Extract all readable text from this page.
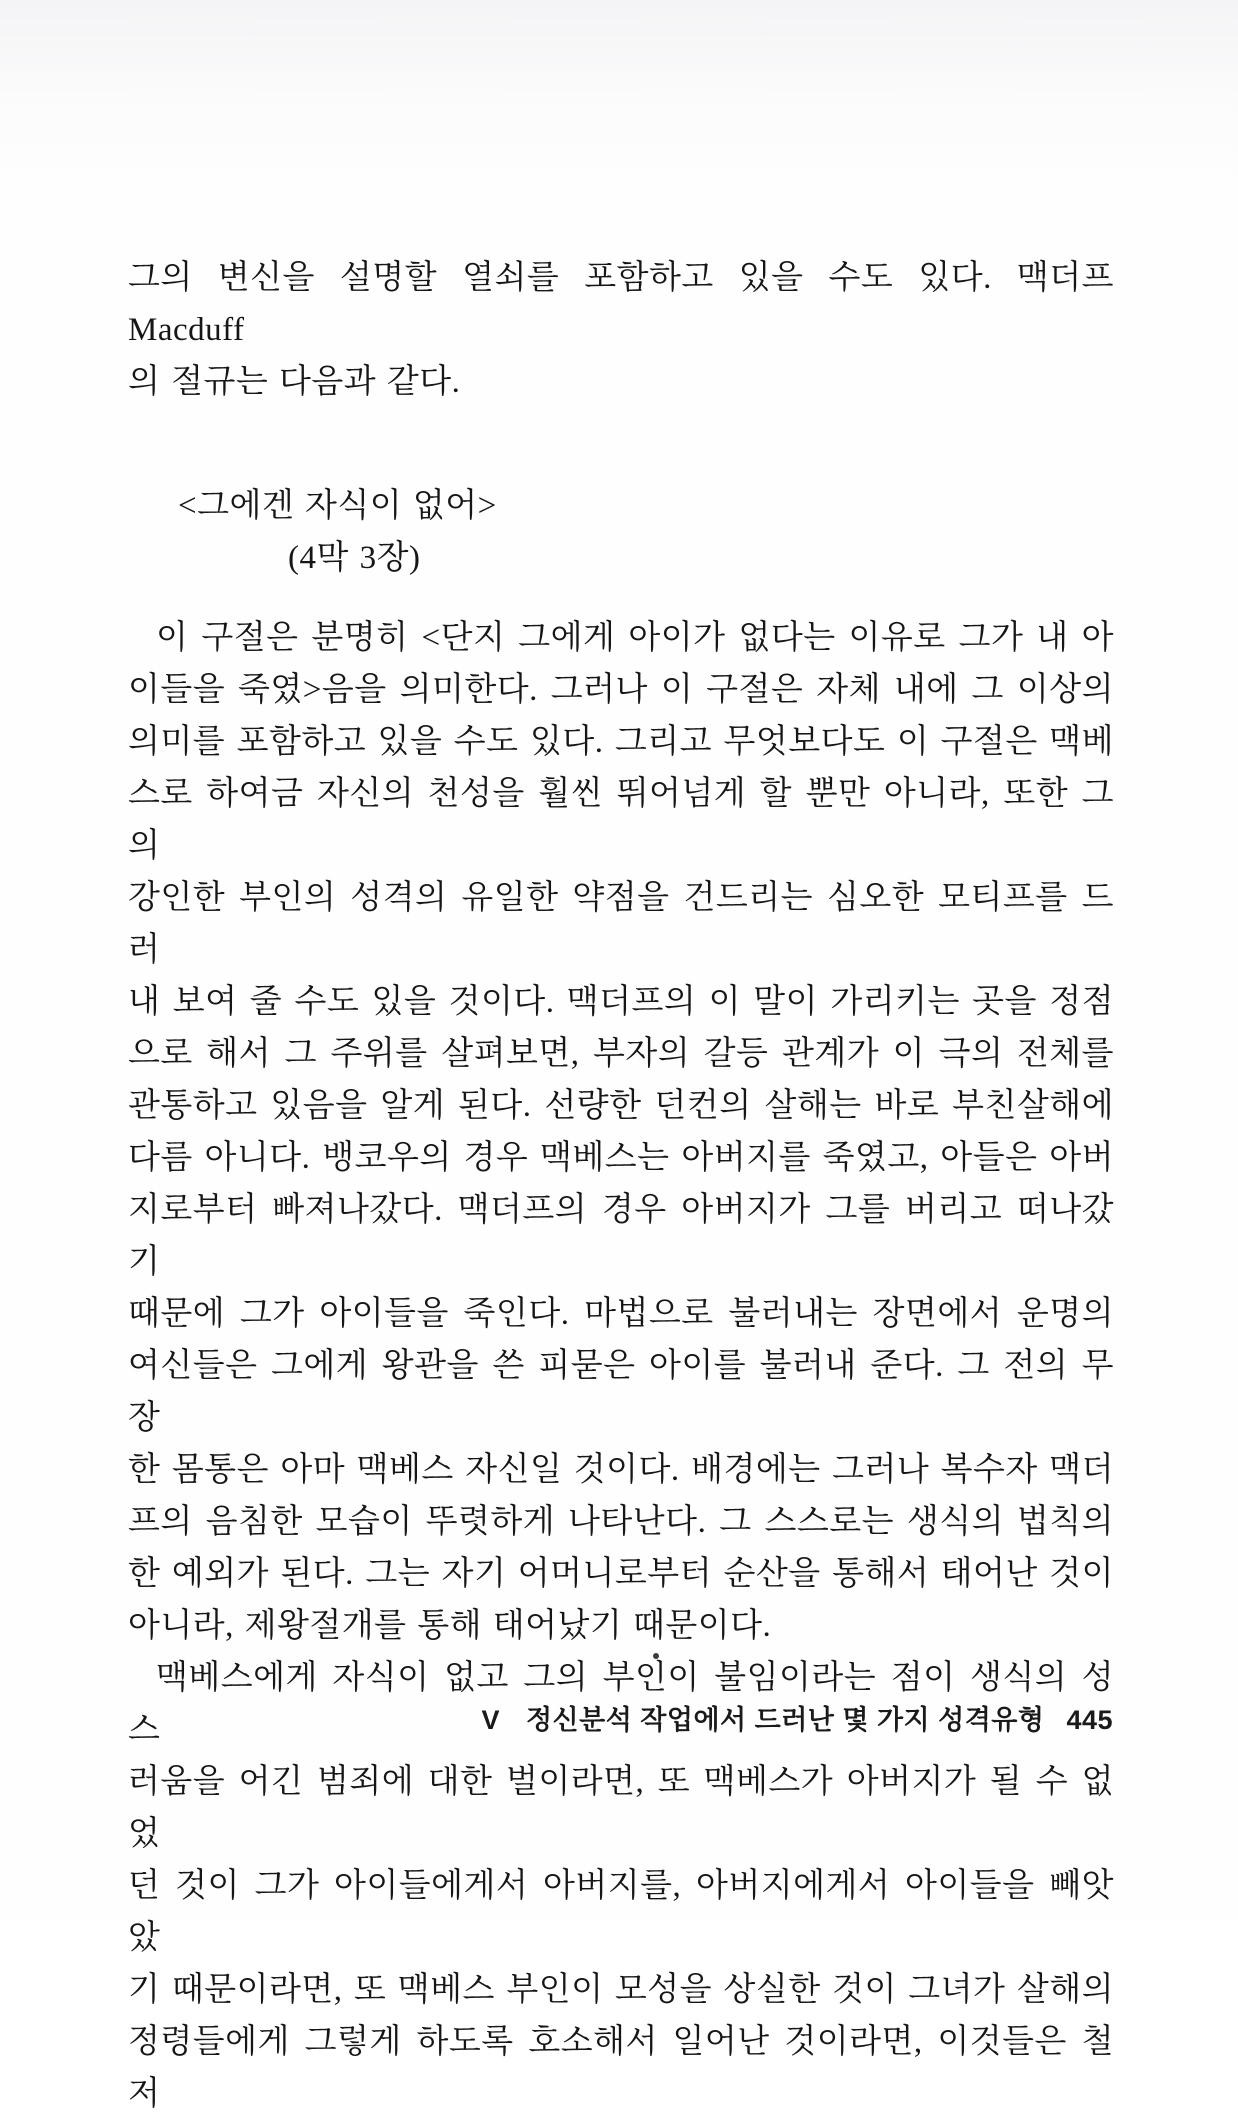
그의 변신을 설명할 열쇠를 포함하고 있을 수도 있다. 맥더프 Macduff
의 절규는 다음과 같다.
<그에겐 자식이 없어>
(4막 3장)
이 구절은 분명히 <단지 그에게 아이가 없다는 이유로 그가 내 아
이들을 죽였>음을 의미한다. 그러나 이 구절은 자체 내에 그 이상의
의미를 포함하고 있을 수도 있다. 그리고 무엇보다도 이 구절은 맥베
스로 하여금 자신의 천성을 훨씬 뛰어넘게 할 뿐만 아니라, 또한 그의
강인한 부인의 성격의 유일한 약점을 건드리는 심오한 모티프를 드러
내 보여 줄 수도 있을 것이다. 맥더프의 이 말이 가리키는 곳을 정점
으로 해서 그 주위를 살펴보면, 부자의 갈등 관계가 이 극의 전체를
관통하고 있음을 알게 된다. 선량한 던컨의 살해는 바로 부친살해에
다름 아니다. 뱅코우의 경우 맥베스는 아버지를 죽였고, 아들은 아버
지로부터 빠져나갔다. 맥더프의 경우 아버지가 그를 버리고 떠나갔기
때문에 그가 아이들을 죽인다. 마법으로 불러내는 장면에서 운명의
여신들은 그에게 왕관을 쓴 피묻은 아이를 불러내 준다. 그 전의 무장
한 몸통은 아마 맥베스 자신일 것이다. 배경에는 그러나 복수자 맥더
프의 음침한 모습이 뚜렷하게 나타난다. 그 스스로는 생식의 법칙의
한 예외가 된다. 그는 자기 어머니로부터 순산을 통해서 태어난 것이
아니라, 제왕절개를 통해 태어났기 때문이다.
맥베스에게 자식이 없고 그의 부인이 불임이라는 점이 생식의 성스
러움을 어긴 범죄에 대한 벌이라면, 또 맥베스가 아버지가 될 수 없었
던 것이 그가 아이들에게서 아버지를, 아버지에게서 아이들을 빼앗았
기 때문이라면, 또 맥베스 부인이 모성을 상실한 것이 그녀가 살해의
정령들에게 그렇게 하도록 호소해서 일어난 것이라면, 이것들은 철저
V 정신분석 작업에서 드러난 몇 가지 성격유형 445
